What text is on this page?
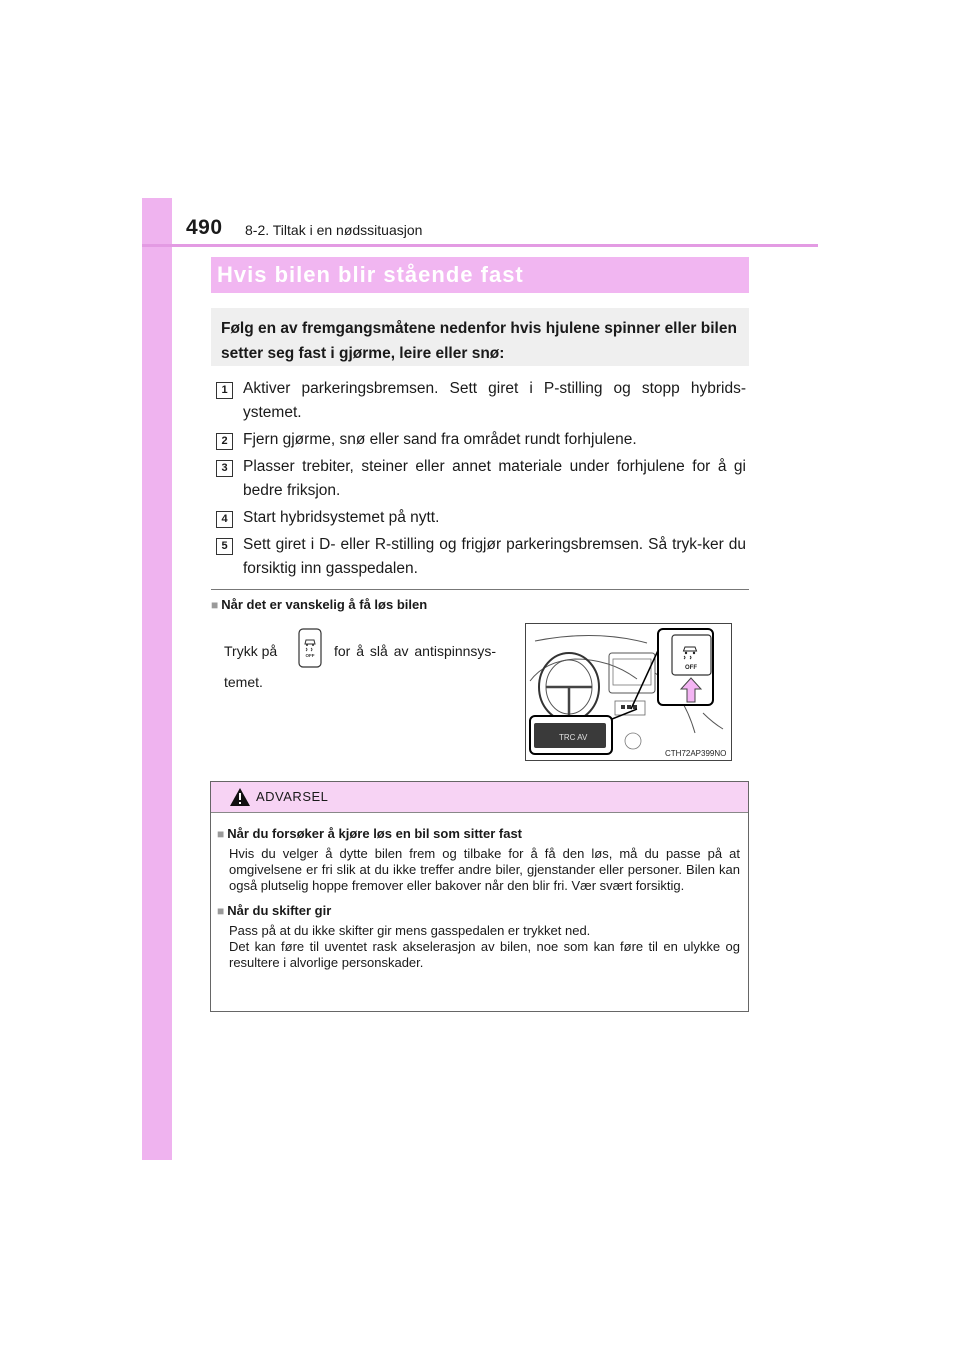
490 8-2. Tiltak i en nødssituasjon
Hvis bilen blir stående fast
Følg en av fremgangsmåtene nedenfor hvis hjulene spinner eller bilen setter seg fast i gjørme, leire eller snø:
1 Aktiver parkeringsbremsen. Sett giret i P-stilling og stopp hybrids-ystemet.
2 Fjern gjørme, snø eller sand fra området rundt forhjulene.
3 Plasser trebiter, steiner eller annet materiale under forhjulene for å gi bedre friksjon.
4 Start hybridsystemet på nytt.
5 Sett giret i D- eller R-stilling og frigjør parkeringsbremsen. Så tryk-ker du forsiktig inn gasspedalen.
■ Når det er vanskelig å få løs bilen
Trykk på	for å slå av antispinnsys-
temet.
OFF
OFF
TRC AV
CTH72AP399NO
ADVARSEL
■ Når du forsøker å kjøre løs en bil som sitter fast
Hvis du velger å dytte bilen frem og tilbake for å få den løs, må du passe på at omgivelsene er fri slik at du ikke treffer andre biler, gjenstander eller personer. Bilen kan også plutselig hoppe fremover eller bakover når den blir fri. Vær svært forsiktig.
■ Når du skifter gir
Pass på at du ikke skifter gir mens gasspedalen er trykket ned.
Det kan føre til uventet rask akselerasjon av bilen, noe som kan føre til en ulykke og resultere i alvorlige personskader.
